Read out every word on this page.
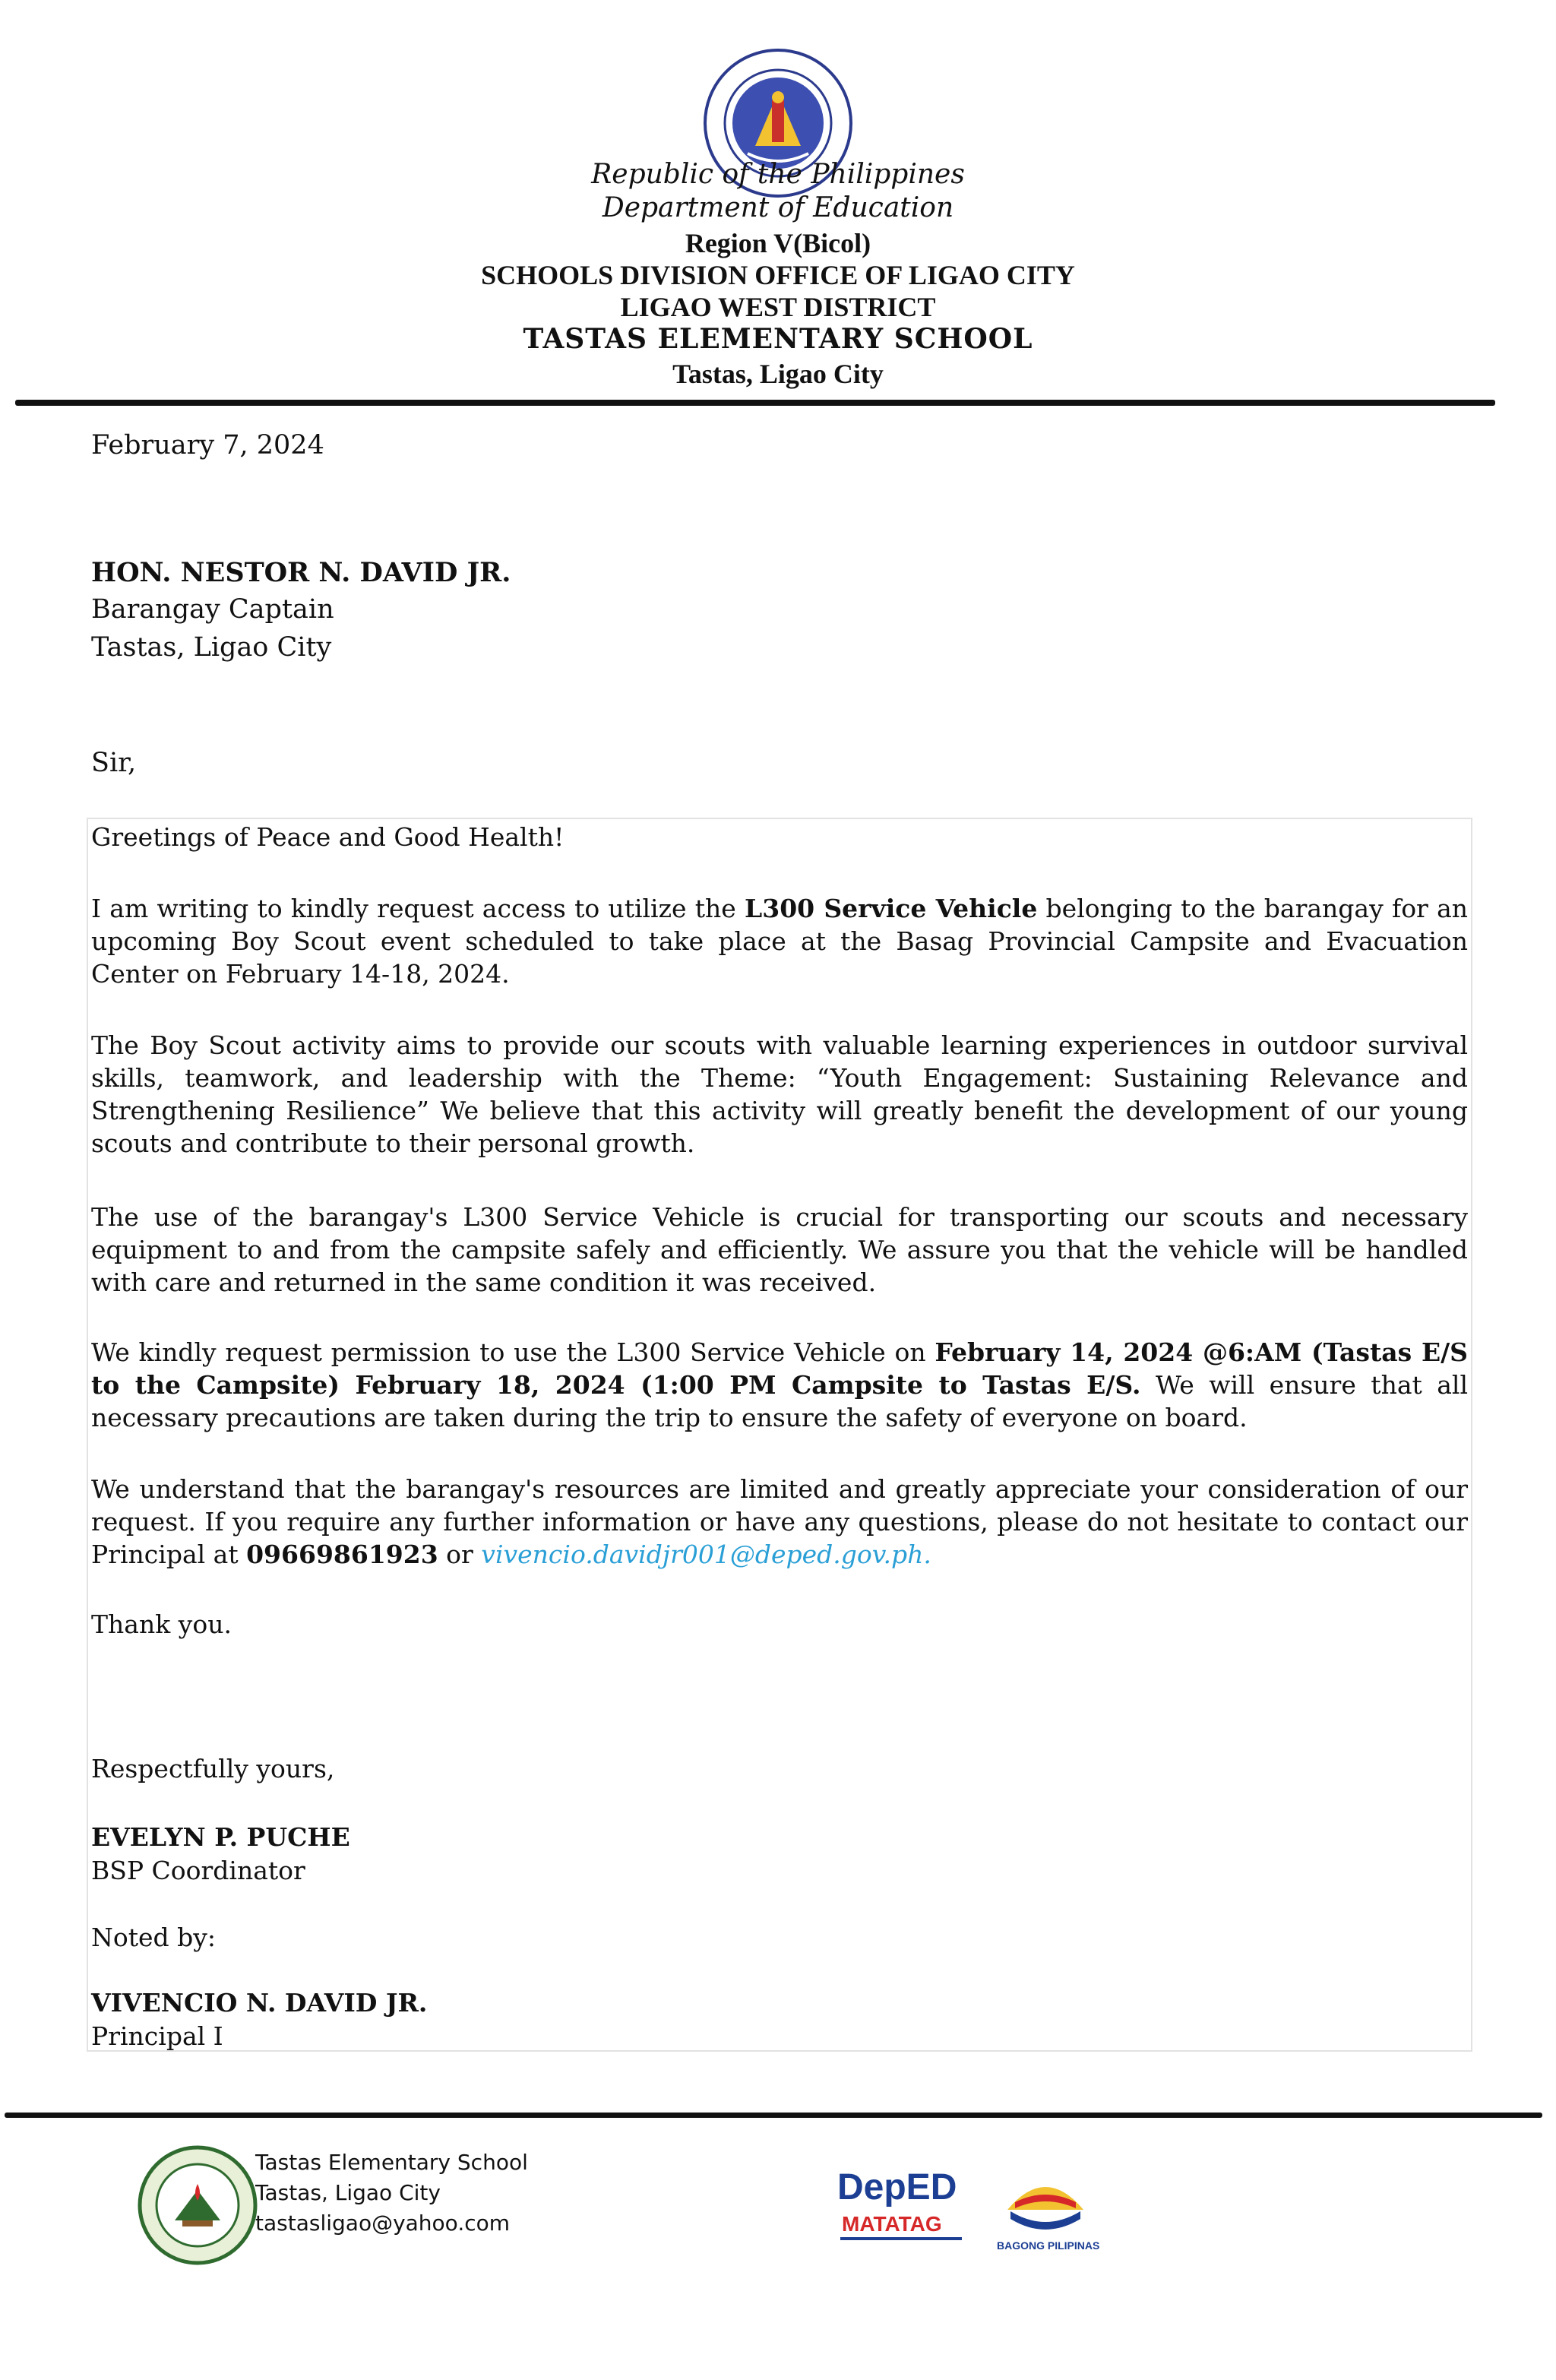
Republic of the Philippines
Department of Education
Region V(Bicol)
SCHOOLS DIVISION OFFICE OF LIGAO CITY
LIGAO WEST DISTRICT
TASTAS ELEMENTARY SCHOOL
Tastas, Ligao City
February 7, 2024
HON. NESTOR N. DAVID JR.
Barangay Captain
Tastas, Ligao City
Sir,
Greetings of Peace and Good Health!
I am writing to kindly request access to utilize the L300 Service Vehicle belonging to the barangay for an upcoming Boy Scout event scheduled to take place at the Basag Provincial Campsite and Evacuation Center on February 14-18, 2024.
The Boy Scout activity aims to provide our scouts with valuable learning experiences in outdoor survival skills, teamwork, and leadership with the Theme: “Youth Engagement: Sustaining Relevance and Strengthening Resilience” We believe that this activity will greatly benefit the development of our young scouts and contribute to their personal growth.
The use of the barangay's L300 Service Vehicle is crucial for transporting our scouts and necessary equipment to and from the campsite safely and efficiently. We assure you that the vehicle will be handled with care and returned in the same condition it was received.
We kindly request permission to use the L300 Service Vehicle on February 14, 2024 @6:AM (Tastas E/S to the Campsite) February 18, 2024 (1:00 PM Campsite to Tastas E/S. We will ensure that all necessary precautions are taken during the trip to ensure the safety of everyone on board.
We understand that the barangay's resources are limited and greatly appreciate your consideration of our request. If you require any further information or have any questions, please do not hesitate to contact our Principal at 09669861923 or vivencio.davidjr001@deped.gov.ph.
Thank you.
Respectfully yours,
EVELYN P. PUCHE
BSP Coordinator
Noted by:
VIVENCIO N. DAVID JR.
Principal I
Tastas Elementary School
Tastas, Ligao City
tastasligao@yahoo.com
DepED
MATATAG
BAGONG PILIPINAS
